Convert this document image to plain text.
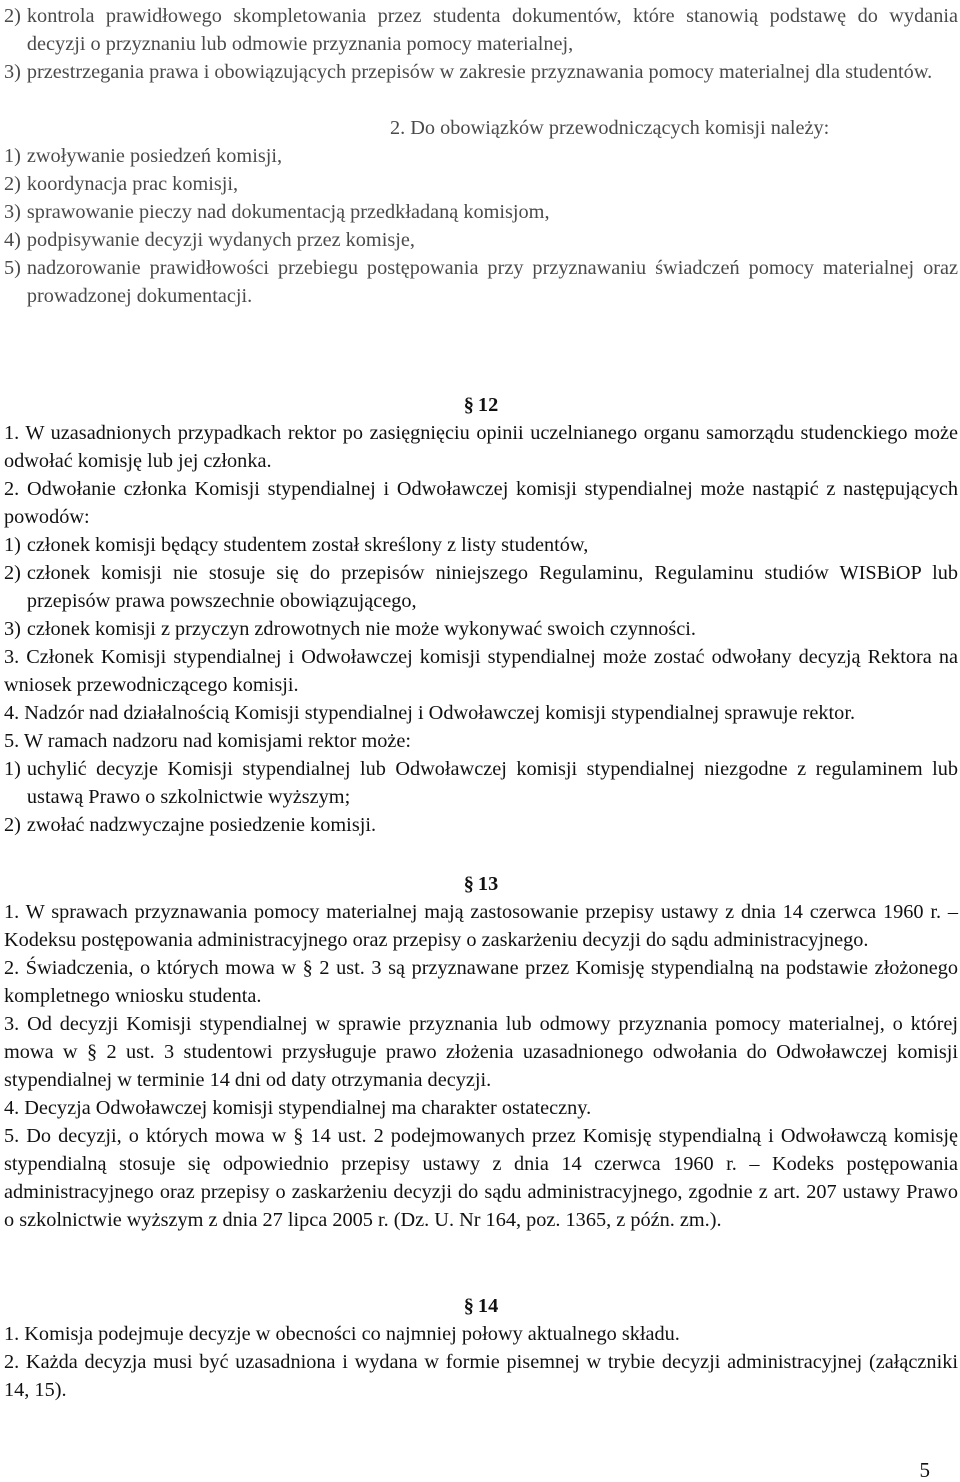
2) kontrola prawidłowego skompletowania przez studenta dokumentów, które stanowią podstawę do wydania decyzji o przyznaniu lub odmowie przyznania pomocy materialnej,
3) przestrzegania prawa i obowiązujących przepisów w zakresie przyznawania pomocy materialnej dla studentów.

2. Do obowiązków przewodniczących komisji należy:

1) zwoływanie posiedzeń komisji,
2) koordynacja prac komisji,
3) sprawowanie pieczy nad dokumentacją przedkładaną komisjom,
4) podpisywanie decyzji wydanych przez komisje,
5) nadzorowanie prawidłowości przebiegu postępowania przy przyznawaniu świadczeń pomocy materialnej oraz prowadzonej dokumentacji.
§ 12

1. W uzasadnionych przypadkach rektor po zasięgnięciu opinii uczelnianego organu samorządu studenckiego może odwołać komisję lub jej członka.

2. Odwołanie członka Komisji stypendialnej i Odwoławczej komisji stypendialnej może nastąpić z następujących powodów:

1) członek komisji będący studentem został skreślony z listy studentów,
2) członek komisji nie stosuje się do przepisów niniejszego Regulaminu, Regulaminu studiów WISBiOP lub przepisów prawa powszechnie obowiązującego,
3) członek komisji z przyczyn zdrowotnych nie może wykonywać swoich czynności.

3. Członek Komisji stypendialnej i Odwoławczej komisji stypendialnej może zostać odwołany decyzją Rektora na wniosek przewodniczącego komisji.

4. Nadzór nad działalnością Komisji stypendialnej i Odwoławczej komisji stypendialnej sprawuje rektor.

5. W ramach nadzoru nad komisjami rektor może:

1) uchylić decyzje Komisji stypendialnej lub Odwoławczej komisji stypendialnej niezgodne z regulaminem lub ustawą Prawo o szkolnictwie wyższym;
2) zwołać nadzwyczajne posiedzenie komisji.
§ 13

1. W sprawach przyznawania pomocy materialnej mają zastosowanie przepisy ustawy z dnia 14 czerwca 1960 r. – Kodeksu postępowania administracyjnego oraz przepisy o zaskarżeniu decyzji do sądu administracyjnego.

2. Świadczenia, o których mowa w § 2 ust. 3 są przyznawane przez Komisję stypendialną na podstawie złożonego kompletnego wniosku studenta.

3. Od decyzji Komisji stypendialnej w sprawie przyznania lub odmowy przyznania pomocy materialnej, o której mowa w § 2 ust. 3 studentowi przysługuje prawo złożenia uzasadnionego odwołania do Odwoławczej komisji stypendialnej w terminie 14 dni od daty otrzymania decyzji.

4. Decyzja Odwoławczej komisji stypendialnej ma charakter ostateczny.

5. Do decyzji, o których mowa w § 14 ust. 2 podejmowanych przez Komisję stypendialną i Odwoławczą komisję stypendialną stosuje się odpowiednio przepisy ustawy z dnia 14 czerwca 1960 r. – Kodeks postępowania administracyjnego oraz przepisy o zaskarżeniu decyzji do sądu administracyjnego, zgodnie z art. 207 ustawy Prawo o szkolnictwie wyższym z dnia 27 lipca 2005 r. (Dz. U. Nr 164, poz. 1365, z późn. zm.).

§ 14

1. Komisja podejmuje decyzje w obecności co najmniej połowy aktualnego składu.

2. Każda decyzja musi być uzasadniona i wydana w formie pisemnej w trybie decyzji administracyjnej (załączniki 14, 15).

5
